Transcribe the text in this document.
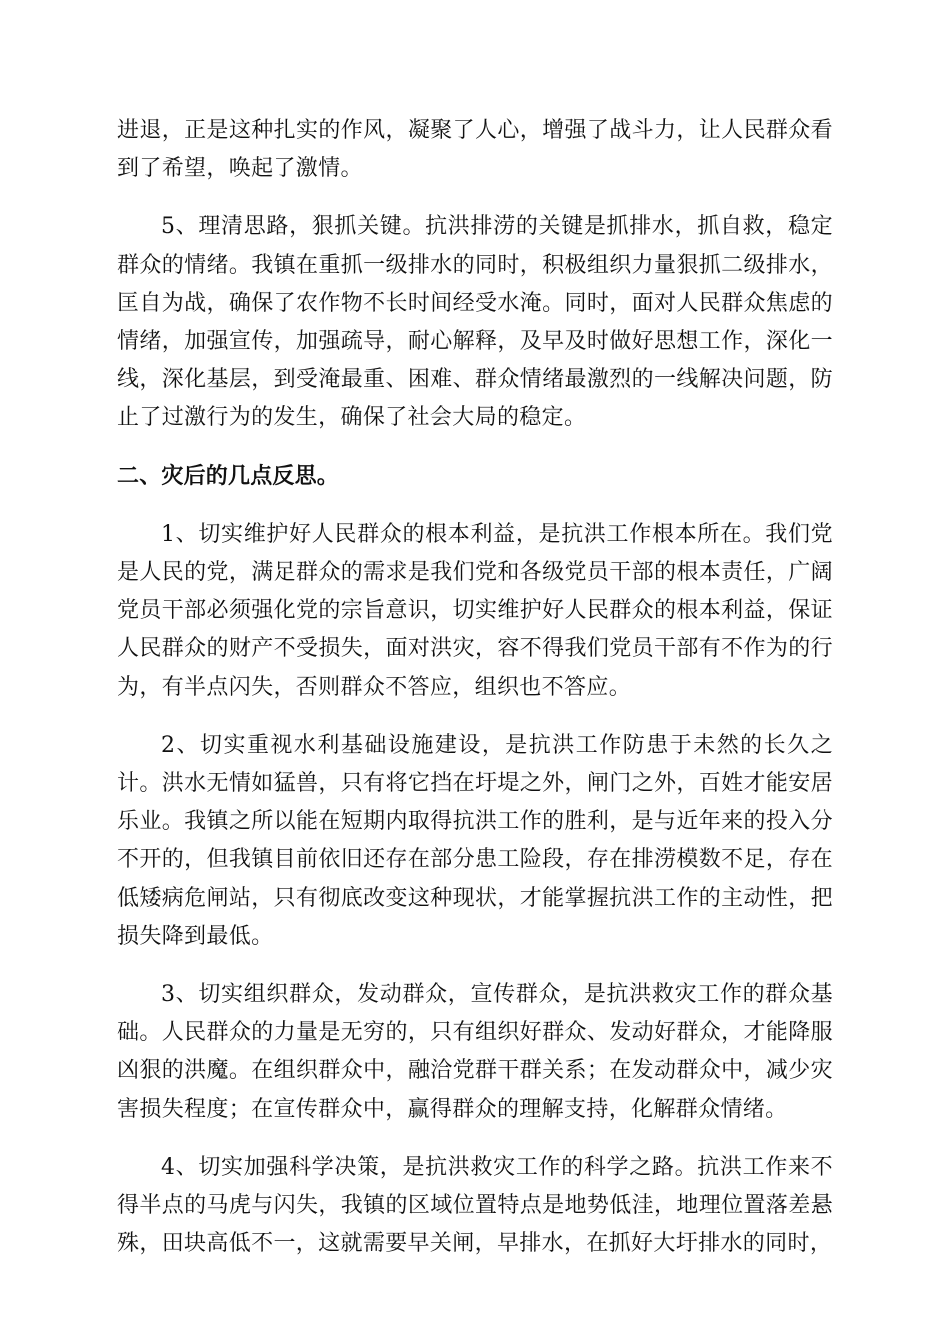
进退，正是这种扎实的作风，凝聚了人心，增强了战斗力，让人民群众看到了希望，唤起了激情。

5、理清思路，狠抓关键。抗洪排涝的关键是抓排水，抓自救，稳定群众的情绪。我镇在重抓一级排水的同时，积极组织力量狠抓二级排水，匡自为战，确保了农作物不长时间经受水淹。同时，面对人民群众焦虑的情绪，加强宣传，加强疏导，耐心解释，及早及时做好思想工作，深化一线，深化基层，到受淹最重、困难、群众情绪最激烈的一线解决问题，防止了过激行为的发生，确保了社会大局的稳定。

二、灾后的几点反思。

1、切实维护好人民群众的根本利益，是抗洪工作根本所在。我们党是人民的党，满足群众的需求是我们党和各级党员干部的根本责任，广阔党员干部必须强化党的宗旨意识，切实维护好人民群众的根本利益，保证人民群众的财产不受损失，面对洪灾，容不得我们党员干部有不作为的行为，有半点闪失，否则群众不答应，组织也不答应。

2、切实重视水利基础设施建设，是抗洪工作防患于未然的长久之计。洪水无情如猛兽，只有将它挡在圩堤之外，闸门之外，百姓才能安居乐业。我镇之所以能在短期内取得抗洪工作的胜利，是与近年来的投入分不开的，但我镇目前依旧还存在部分患工险段，存在排涝模数不足，存在低矮病危闸站，只有彻底改变这种现状，才能掌握抗洪工作的主动性，把损失降到最低。

3、切实组织群众，发动群众，宣传群众，是抗洪救灾工作的群众基础。人民群众的力量是无穷的，只有组织好群众、发动好群众，才能降服凶狠的洪魔。在组织群众中，融洽党群干群关系；在发动群众中，减少灾害损失程度；在宣传群众中，赢得群众的理解支持，化解群众情绪。

4、切实加强科学决策，是抗洪救灾工作的科学之路。抗洪工作来不得半点的马虎与闪失，我镇的区域位置特点是地势低洼，地理位置落差悬殊，田块高低不一，这就需要早关闸，早排水，在抓好大圩排水的同时，
